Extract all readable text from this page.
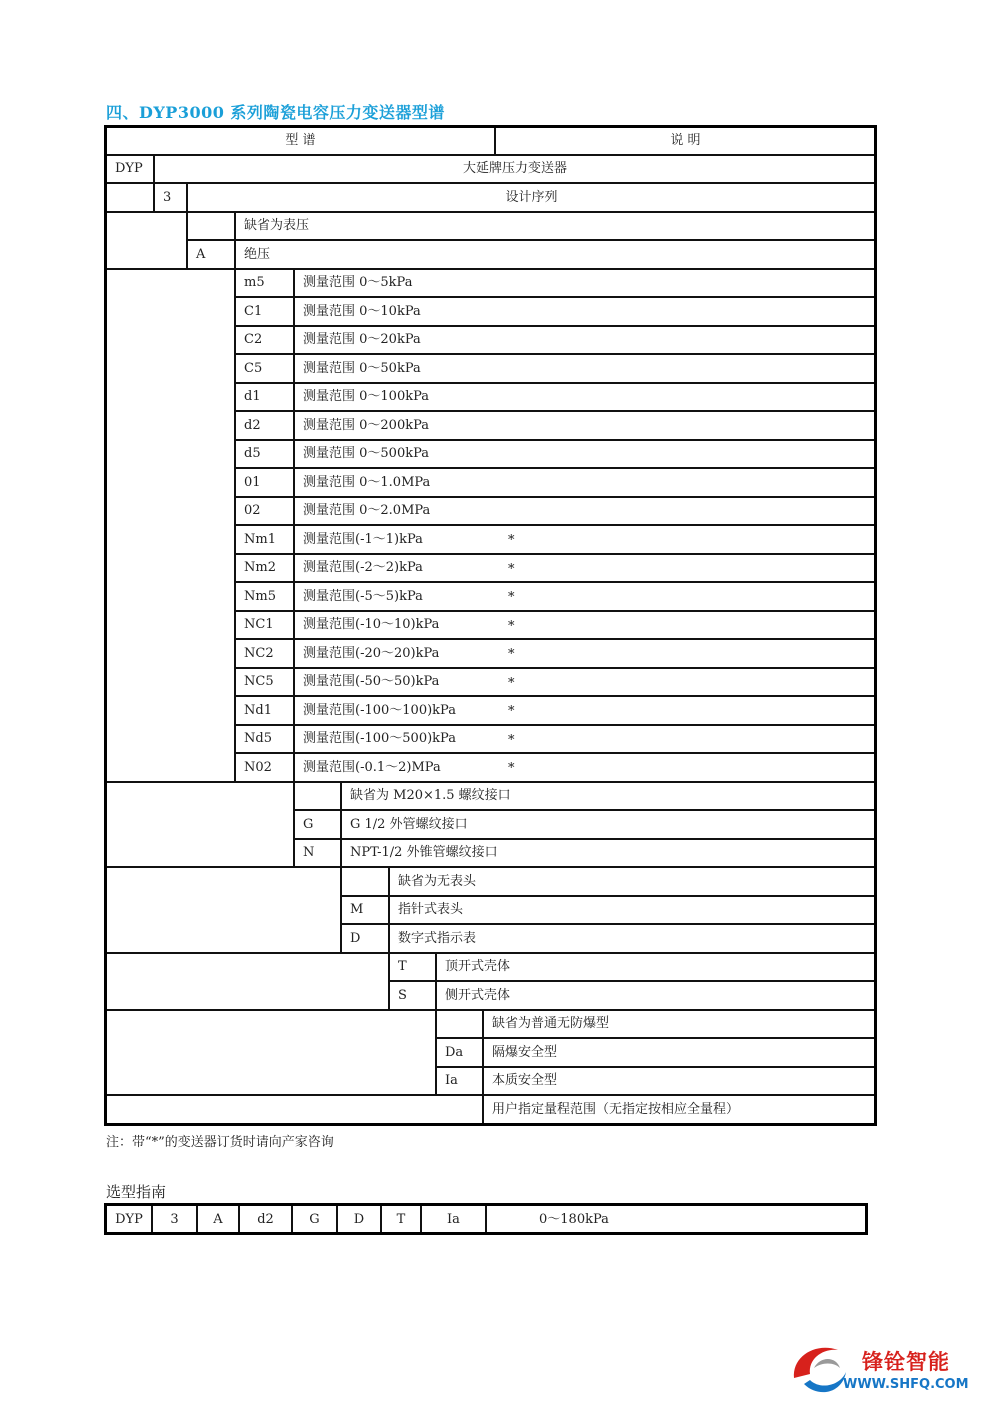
四、DYP3000 系列陶瓷电容压力变送器型谱
型 谱	说 明
DYP	大延牌压力变送器
3	设计序列
缺省为表压
A	绝压
m5	测量范围 0～5kPa
C1	测量范围 0～10kPa
C2	测量范围 0～20kPa
C5	测量范围 0～50kPa
d1	测量范围 0～100kPa
d2	测量范围 0～200kPa
d5	测量范围 0～500kPa
01	测量范围 0～1.0MPa
02	测量范围 0～2.0MPa
Nm1	测量范围(-1～1)kPa	*
Nm2	测量范围(-2～2)kPa	*
Nm5	测量范围(-5～5)kPa	*
NC1	测量范围(-10～10)kPa	*
NC2	测量范围(-20～20)kPa	*
NC5	测量范围(-50～50)kPa	*
Nd1	测量范围(-100～100)kPa	*
Nd5	测量范围(-100～500)kPa	*
N02	测量范围(-0.1～2)MPa	*
缺省为 M20×1.5 螺纹接口
G	G 1/2 外管螺纹接口
N	NPT-1/2 外锥管螺纹接口
缺省为无表头
M	指针式表头
D	数字式指示表
T	顶开式壳体
S	侧开式壳体
缺省为普通无防爆型
Da	隔爆安全型
Ia	本质安全型
用户指定量程范围（无指定按相应全量程）
注：带“*”的变送器订货时请向产家咨询
选型指南
DYP	3	A	d2	G	D	T	Ia	0～180kPa
锋铨智能
WWW.SHFQ.COM
